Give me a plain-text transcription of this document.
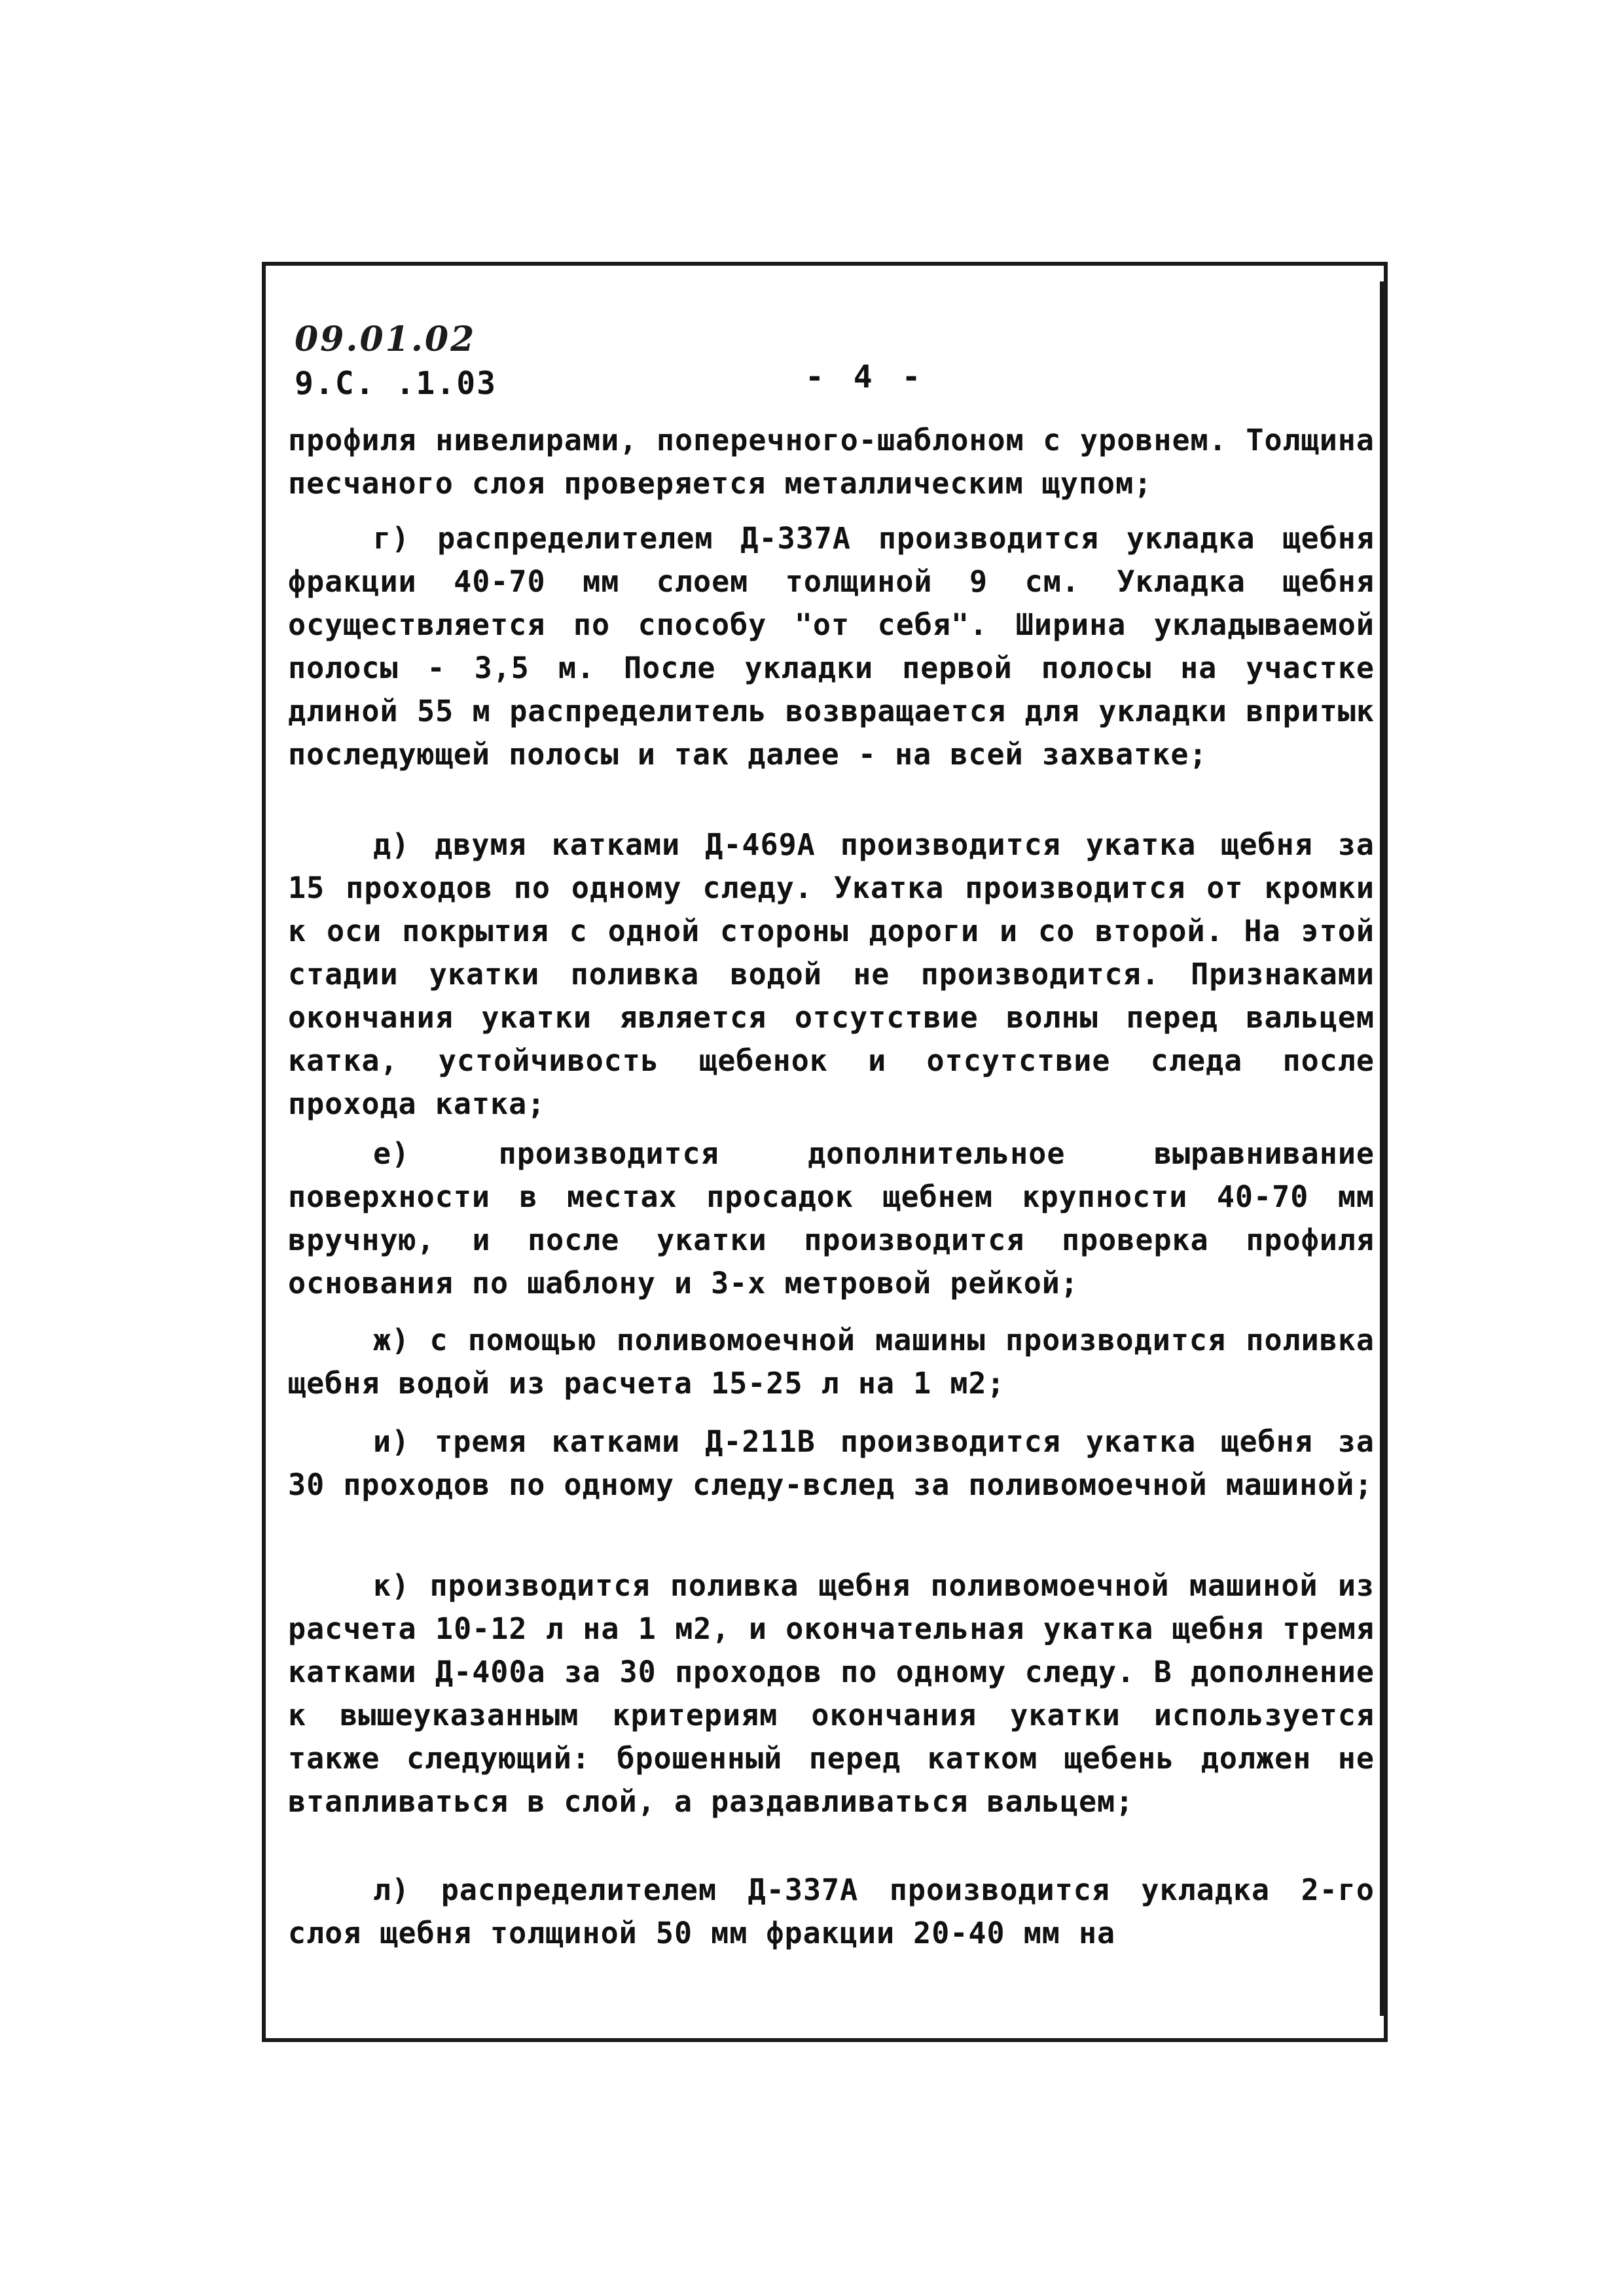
09.01.02
9.С. .1.03	- 4 -

профиля нивелирами, поперечного-шаблоном с уровнем. Толщина песчаного слоя проверяется металлическим щупом;

г) распределителем Д-337А производится укладка щебня фракции 40-70 мм слоем толщиной 9 см. Укладка щебня осуществляется по способу "от себя". Ширина укладываемой полосы - 3,5 м. После укладки первой полосы на участке длиной 55 м распределитель возвращается для укладки впритык последующей полосы и так далее - на всей захватке;

д) двумя катками Д-469А производится укатка щебня за 15 проходов по одному следу. Укатка производится от кромки к оси покрытия с одной стороны дороги и со второй. На этой стадии укатки поливка водой не производится. Признаками окончания укатки является отсутствие волны перед вальцем катка, устойчивость щебенок и отсутствие следа после прохода катка;

е) производится дополнительное выравнивание поверхности в местах просадок щебнем крупности 40-70 мм вручную, и после укатки производится проверка профиля основания по шаблону и 3-х метровой рейкой;

ж) с помощью поливомоечной машины производится поливка щебня водой из расчета 15-25 л на 1 м2;

и) тремя катками Д-211В производится укатка щебня за 30 проходов по одному следу-вслед за поливомоечной машиной;

к) производится поливка щебня поливомоечной машиной из расчета 10-12 л на 1 м2, и окончательная укатка щебня тремя катками Д-400а за 30 проходов по одному следу. В дополнение к вышеуказанным критериям окончания укатки используется также следующий: брошенный перед катком щебень должен не втапливаться в слой, а раздавливаться вальцем;

л) распределителем Д-337А производится укладка 2-го слоя щебня толщиной 50 мм фракции 20-40 мм на
